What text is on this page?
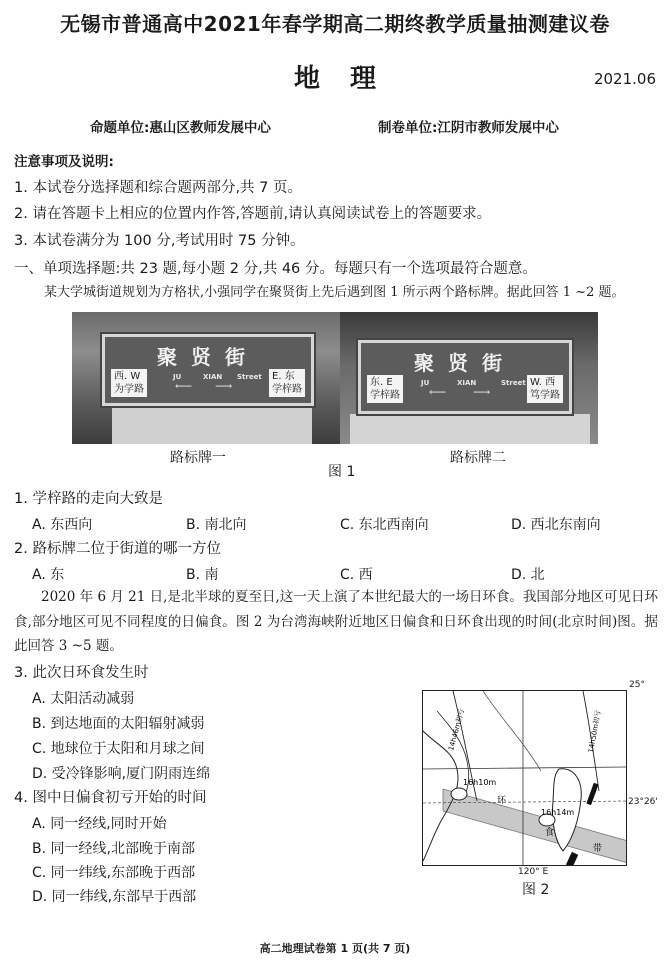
无锡市普通高中2021年春学期高二期终教学质量抽测建议卷
地理	2021.06
命题单位:惠山区教师发展中心	制卷单位:江阴市教师发展中心
注意事项及说明:
1. 本试卷分选择题和综合题两部分,共 7 页。
2. 请在答题卡上相应的位置内作答,答题前,请认真阅读试卷上的答题要求。
3. 本试卷满分为 100 分,考试用时 75 分钟。
一、单项选择题:共 23 题,每小题 2 分,共 46 分。每题只有一个选项最符合题意。
某大学城街道规划为方格状,小强同学在聚贤街上先后遇到图 1 所示两个路标牌。据此回答 1 ~2 题。
聚贤街
JU	XIAN Street
西. W
为学路
E. 东
学梓路
⟵ ⟶
聚贤街
JU	XIAN	Street
东. E
学梓路
W. 西
笃学路
⟵ ⟶
路标牌一	路标牌二
图 1
1. 学梓路的走向大致是
A. 东西向	B. 南北向	C. 东北西南向	D. 西北东南向
2. 路标牌二位于街道的哪一方位
A. 东	B. 南	C. 西	D. 北
2020 年 6 月 21 日,是北半球的夏至日,这一天上演了本世纪最大的一场日环食。我国部分地区可见日环食,部分地区可见不同程度的日偏食。图 2 为台湾海峡附近地区日偏食和日环食出现的时间(北京时间)图。据此回答 3 ~5 题。
3. 此次日环食发生时
A. 太阳活动减弱
B. 到达地面的太阳辐射减弱
C. 地球位于太阳和月球之间
D. 受冷锋影响,厦门阴雨连绵
4. 图中日偏食初亏开始的时间
A. 同一经线,同时开始
B. 同一经线,北部晚于南部
C. 同一纬线,东部晚于西部
D. 同一纬线,东部早于西部
14h46m初亏	14h50m初亏
16h10m
16h14m
环
食
带
25°
23°26'
120° E
图 2
高二地理试卷第 1 页(共 7 页)
